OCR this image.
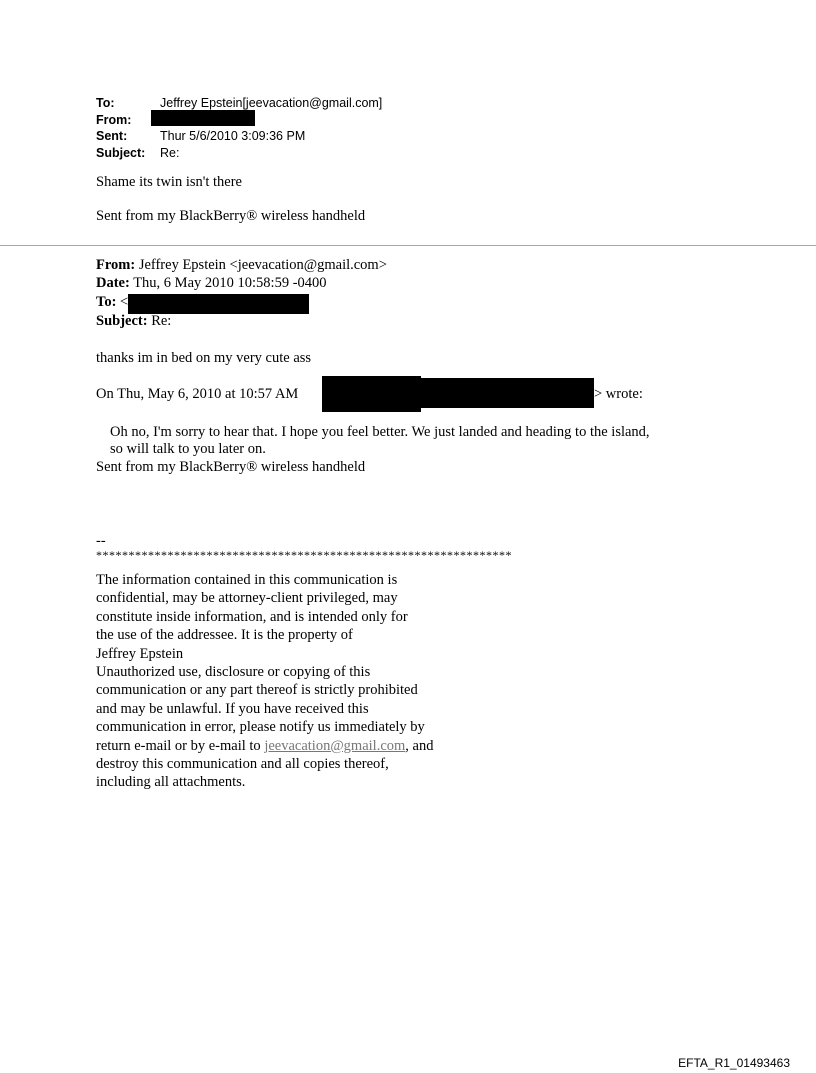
To:	Jeffrey Epstein[jeevacation@gmail.com]
From:
Sent:	Thur 5/6/2010 3:09:36 PM
Subject: Re:
Shame its twin isn't there
Sent from my BlackBerry® wireless handheld
From: Jeffrey Epstein <jeevacation@gmail.com>
Date: Thu, 6 May 2010 10:58:59 -0400
To: <
Subject: Re:
thanks im in bed on my very cute ass
On Thu, May 6, 2010 at 10:57 AM	> wrote:
Oh no, I'm sorry to hear that. I hope you feel better. We just landed and heading to the island,
so will talk to you later on.
Sent from my BlackBerry® wireless handheld
--
****************************************************************
The information contained in this communication is
confidential, may be attorney-client privileged, may
constitute inside information, and is intended only for
the use of the addressee. It is the property of
Jeffrey Epstein
Unauthorized use, disclosure or copying of this
communication or any part thereof is strictly prohibited
and may be unlawful. If you have received this
communication in error, please notify us immediately by
return e-mail or by e-mail to jeevacation@gmail.com, and
destroy this communication and all copies thereof,
including all attachments.
EFTA_R1_01493463
